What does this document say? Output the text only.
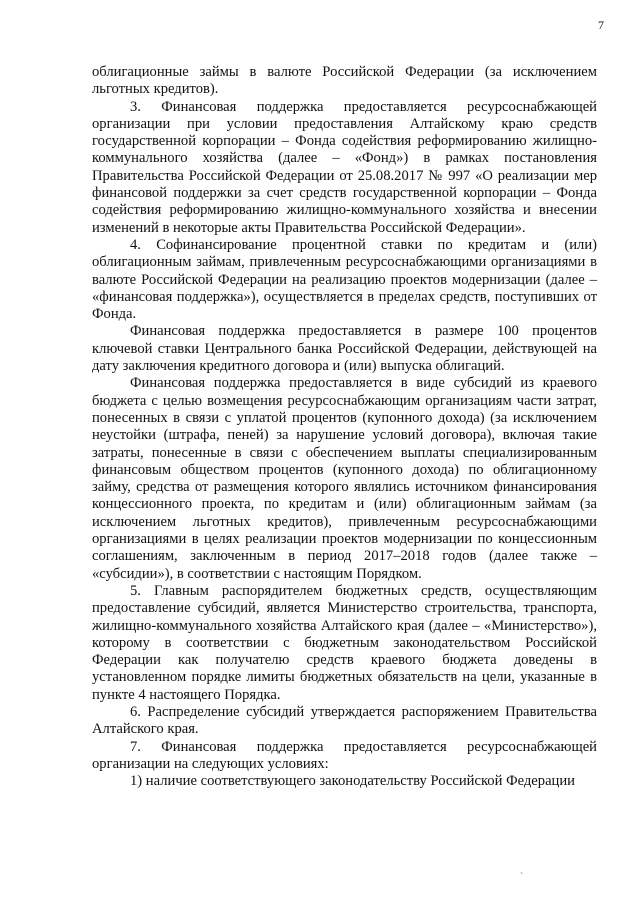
7

облигационные займы в валюте Российской Федерации (за исключением льготных кредитов).

3. Финансовая поддержка предоставляется ресурсоснабжающей организации при условии предоставления Алтайскому краю средств государственной корпорации – Фонда содействия реформированию жилищно-коммунального хозяйства (далее – «Фонд») в рамках постановления Правительства Российской Федерации от 25.08.2017 № 997 «О реализации мер финансовой поддержки за счет средств государственной корпорации – Фонда содействия реформированию жилищно-коммунального хозяйства и внесении изменений в некоторые акты Правительства Российской Федерации».

4. Софинансирование процентной ставки по кредитам и (или) облигационным займам, привлеченным ресурсоснабжающими организациями в валюте Российской Федерации на реализацию проектов модернизации (далее – «финансовая поддержка»), осуществляется в пределах средств, поступивших от Фонда.

Финансовая поддержка предоставляется в размере 100 процентов ключевой ставки Центрального банка Российской Федерации, действующей на дату заключения кредитного договора и (или) выпуска облигаций.

Финансовая поддержка предоставляется в виде субсидий из краевого бюджета с целью возмещения ресурсоснабжающим организациям части затрат, понесенных в связи с уплатой процентов (купонного дохода) (за исключением неустойки (штрафа, пеней) за нарушение условий договора), включая такие затраты, понесенные в связи с обеспечением выплаты специализированным финансовым обществом процентов (купонного дохода) по облигационному займу, средства от размещения которого являлись источником финансирования концессионного проекта, по кредитам и (или) облигационным займам (за исключением льготных кредитов), привлеченным ресурсоснабжающими организациями в целях реализации проектов модернизации по концессионным соглашениям, заключенным в период 2017–2018 годов (далее также – «субсидии»), в соответствии с настоящим Порядком.

5. Главным распорядителем бюджетных средств, осуществляющим предоставление субсидий, является Министерство строительства, транспорта, жилищно-коммунального хозяйства Алтайского края (далее – «Министерство»), которому в соответствии с бюджетным законодательством Российской Федерации как получателю средств краевого бюджета доведены в установленном порядке лимиты бюджетных обязательств на цели, указанные в пункте 4 настоящего Порядка.

6. Распределение субсидий утверждается распоряжением Правительства Алтайского края.

7. Финансовая поддержка предоставляется ресурсоснабжающей организации на следующих условиях:

1) наличие соответствующего законодательству Российской Федерации

ˋ
